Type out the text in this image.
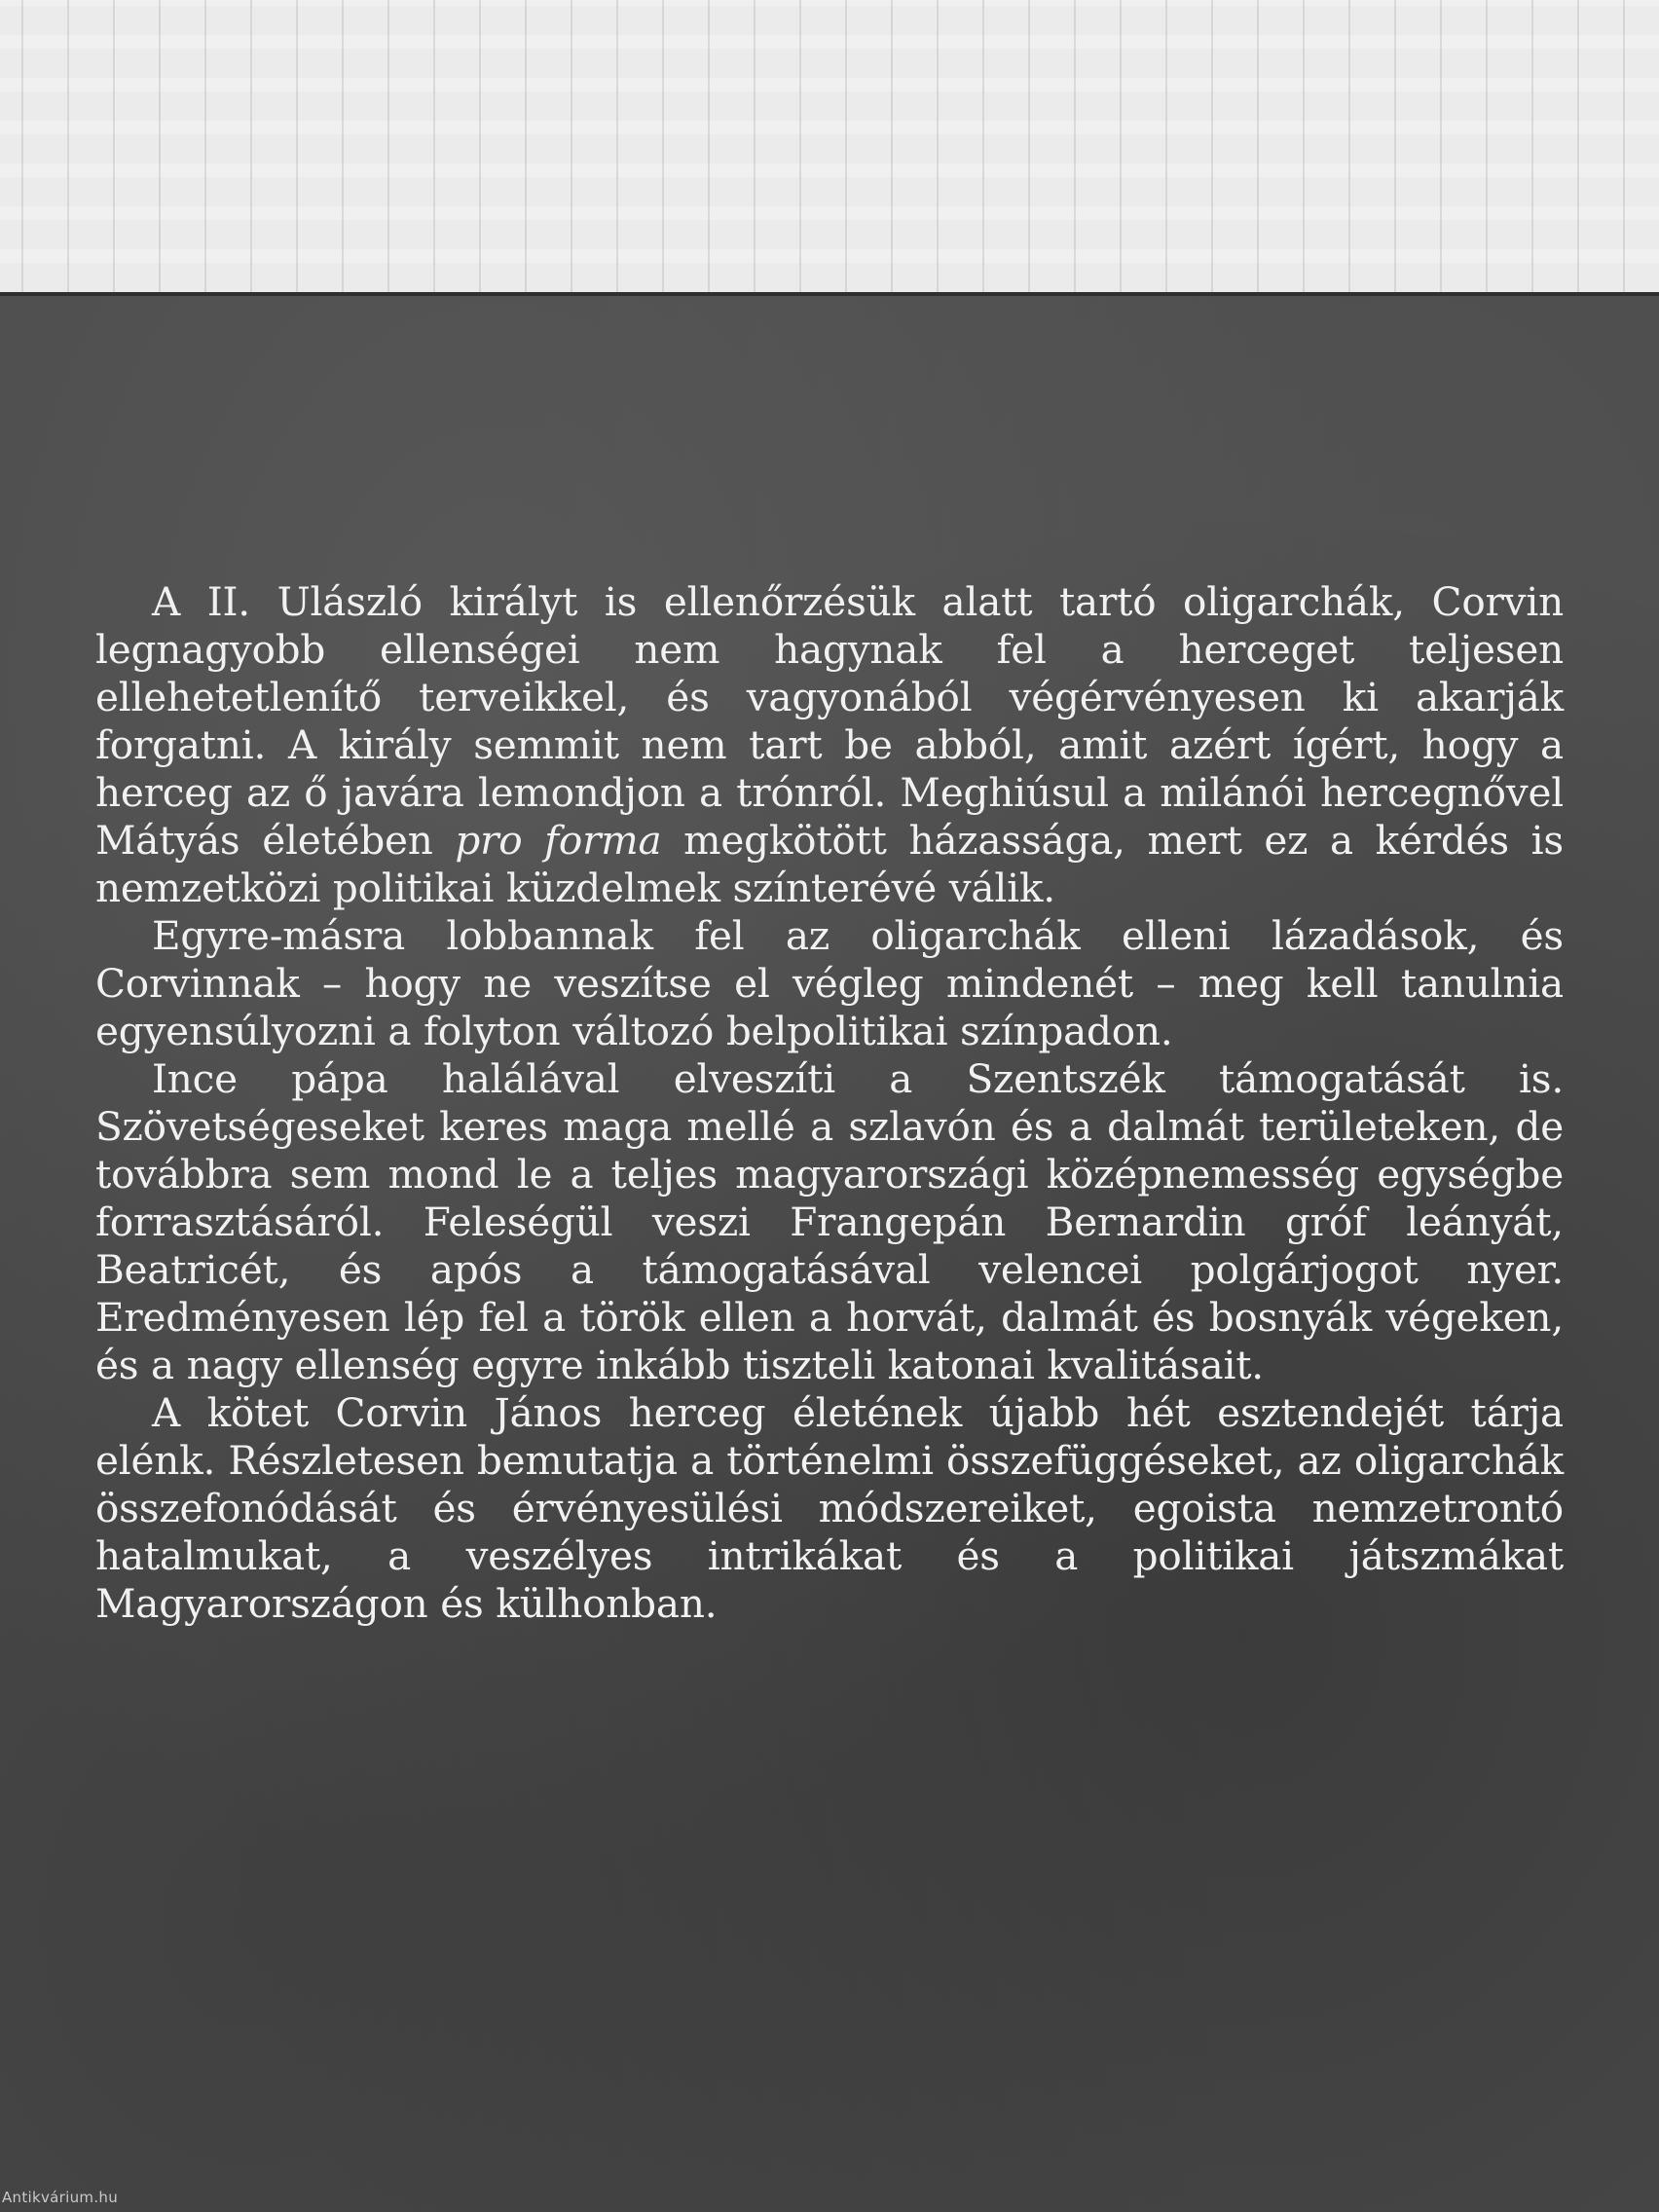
A II. Ulászló királyt is ellenőrzésük alatt tartó oligarchák, Corvin legnagyobb ellenségei nem hagynak fel a herceget teljesen ellehetetlenítő terveikkel, és vagyonából végérvényesen ki akarják forgatni. A király semmit nem tart be abból, amit azért ígért, hogy a herceg az ő javára lemondjon a trónról. Meghiúsul a milánói hercegnővel Mátyás életében pro forma megkötött házassága, mert ez a kérdés is nemzetközi politikai küzdelmek színterévé válik.

Egyre-másra lobbannak fel az oligarchák elleni lázadások, és Corvinnak – hogy ne veszítse el végleg mindenét – meg kell tanulnia egyensúlyozni a folyton változó belpolitikai színpadon.

Ince pápa halálával elveszíti a Szentszék támogatását is. Szövetségeseket keres maga mellé a szlavón és a dalmát területeken, de továbbra sem mond le a teljes magyarországi középnemesség egységbe forrasztásáról. Feleségül veszi Frangepán Bernardin gróf leányát, Beatricét, és após a támogatásával velencei polgárjogot nyer. Eredményesen lép fel a török ellen a horvát, dalmát és bosnyák végeken, és a nagy ellenség egyre inkább tiszteli katonai kvalitásait.

A kötet Corvin János herceg életének újabb hét esztendejét tárja elénk. Részletesen bemutatja a történelmi összefüggéseket, az oligarchák összefonódását és érvényesülési módszereiket, egoista nemzetrontó hatalmukat, a veszélyes intrikákat és a politikai játszmákat Magyarországon és külhonban.

Antikvárium.hu
